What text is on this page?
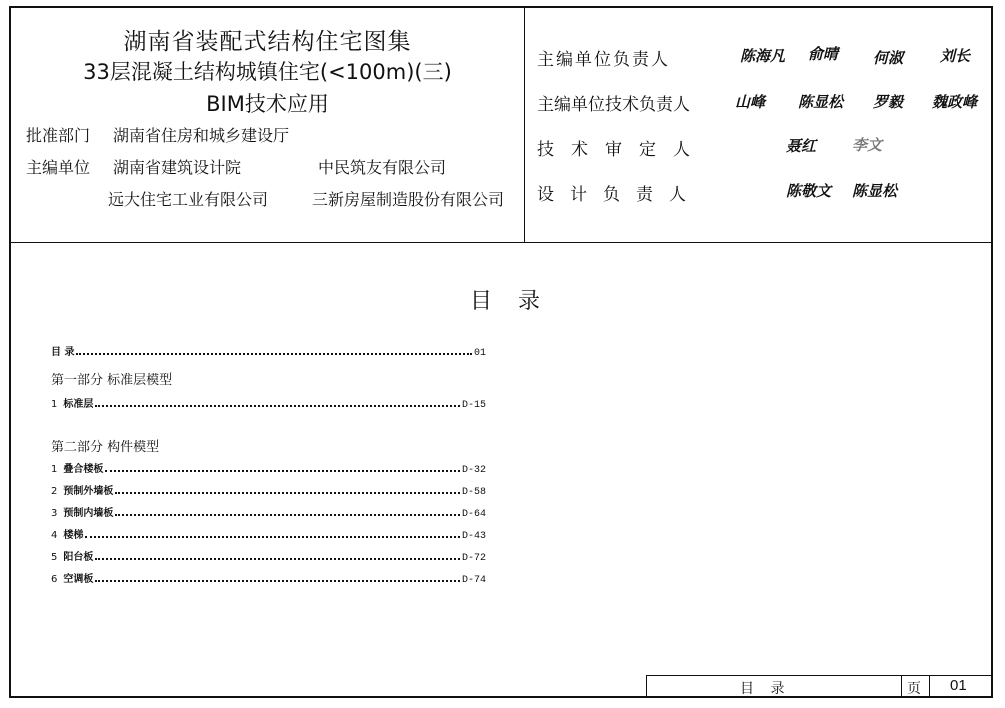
湖南省装配式结构住宅图集
33层混凝土结构城镇住宅(<100m)(三)
BIM技术应用
批准部门 湖南省住房和城乡建设厅
主编单位 湖南省建筑设计院	中民筑友有限公司
远大住宅工业有限公司	三新房屋制造股份有限公司
主编单位负责人	陈海凡 俞晴 何淑 刘长
主编单位技术负责人	山峰 陈显松 罗毅 魏政峰
技术审定人	聂红 李文
设计负责人	陈敬文 陈显松
目录
目 录	01
第一部分 标准层模型
1 标准层	D-15
第二部分 构件模型
1 叠合楼板	D-32
2 预制外墙板	D-58
3 预制内墙板	D-64
4 楼梯	D-43
5 阳台板	D-72
6 空调板	D-74
目 录	页 01
